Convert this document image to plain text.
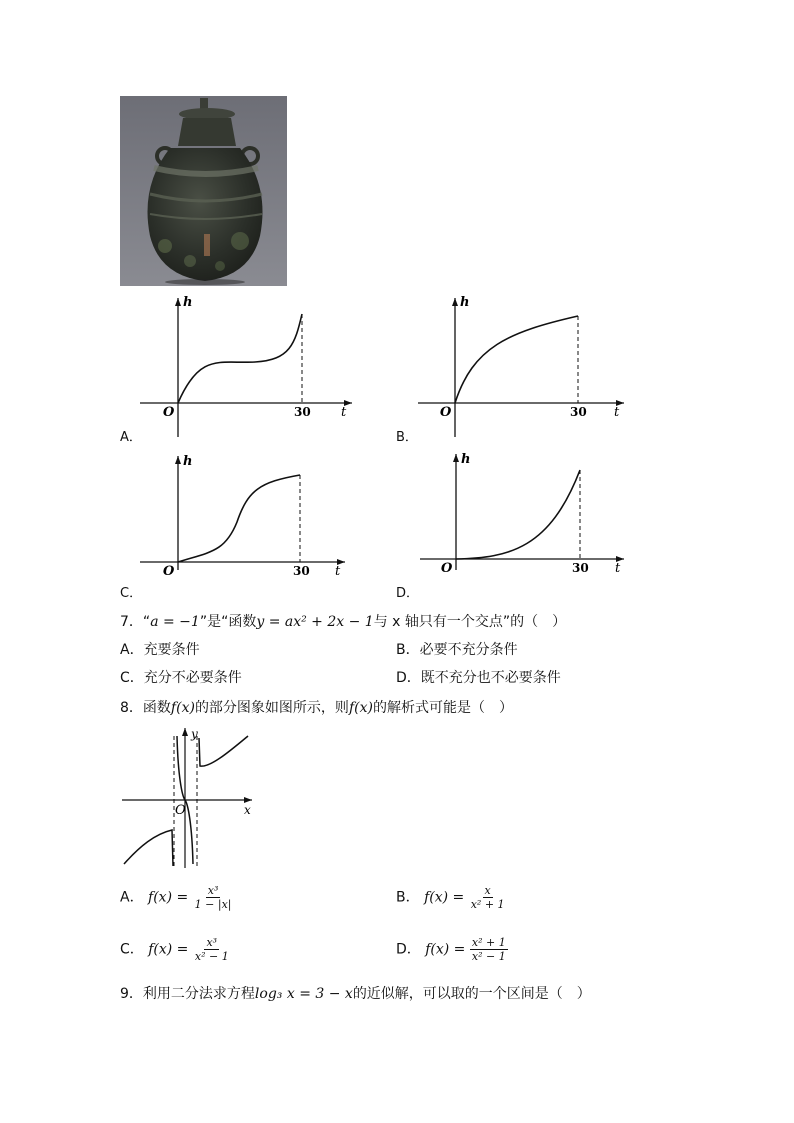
h
t
O	30
A．
h
t
O	30
B．
h
t
O	30
C．
h
t
O	30
D．
7．“a = −1”是“函数y = ax² + 2x − 1与 x 轴只有一个交点”的（　）
A．充要条件	B．必要不充分条件
C．充分不必要条件	D．既不充分也不必要条件
8．函数f(x)的部分图象如图所示，则f(x)的解析式可能是（　）
y
x
O
A． $f(x) = \frac{\text{x³}}{1 - |x|}$	B． $f(x) = \frac{x}{\text{x² + 1}}$
C． $f(x) = \frac{\text{x³}}{\text{x² − 1}}$	D． $f(x) = \frac{\text{x² + 1}}{\text{x² − 1}}$
9．利用二分法求方程log₃ x = 3 − x的近似解，可以取的一个区间是（　）
